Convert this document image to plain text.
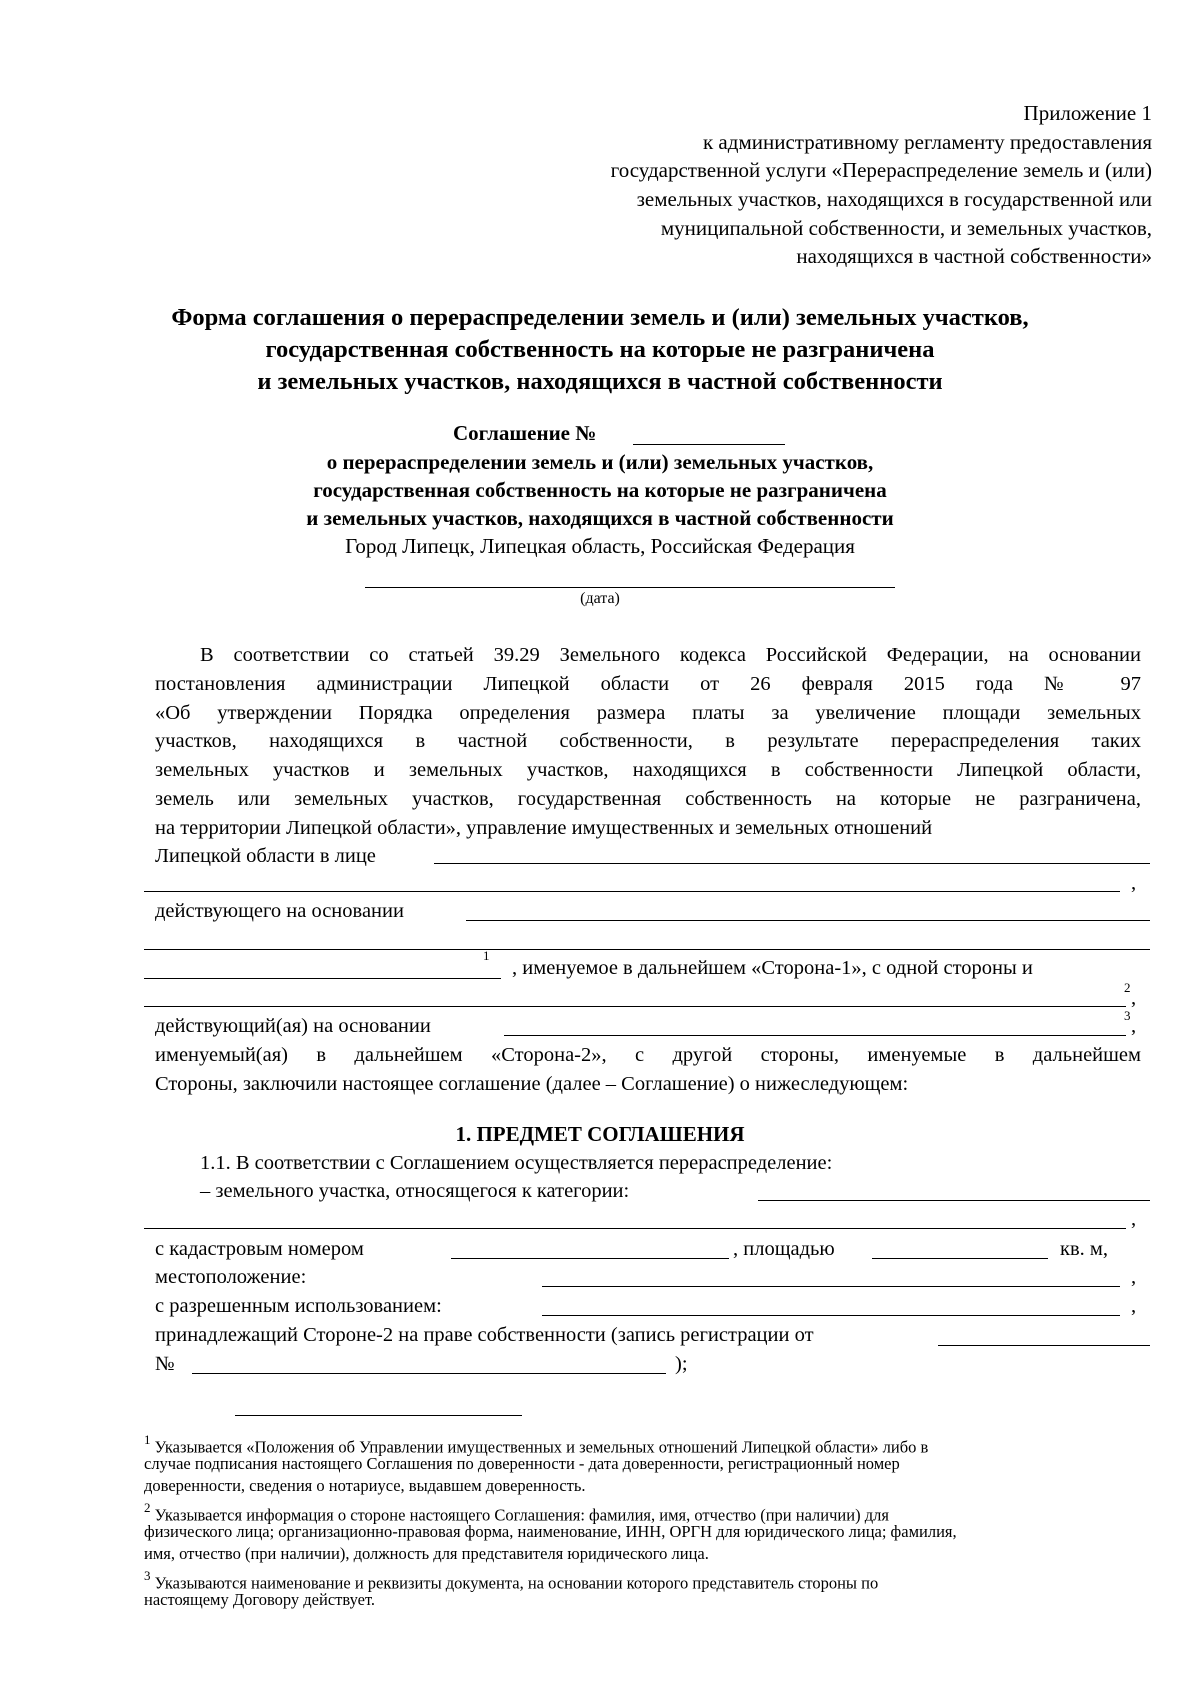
Приложение 1
к административному регламенту предоставления
государственной услуги «Перераспределение земель и (или)
земельных участков, находящихся в государственной или
муниципальной собственности, и земельных участков,
находящихся в частной собственности»
Форма соглашения о перераспределении земель и (или) земельных участков,
государственная собственность на которые не разграничена
и земельных участков, находящихся в частной собственности
Соглашение №
о перераспределении земель и (или) земельных участков,
государственная собственность на которые не разграничена
и земельных участков, находящихся в частной собственности
Город Липецк, Липецкая область, Российская Федерация
(дата)
В соответствии со статьей 39.29 Земельного кодекса Российской Федерации, на основании
постановления администрации Липецкой области от 26 февраля 2015 года № 97
«Об утверждении Порядка определения размера платы за увеличение площади земельных
участков, находящихся в частной собственности, в результате перераспределения таких
земельных участков и земельных участков, находящихся в собственности Липецкой области,
земель или земельных участков, государственная собственность на которые не разграничена,
на территории Липецкой области», управление имущественных и земельных отношений
Липецкой области в лице
,
действующего на основании
1
, именуемое в дальнейшем «Сторона-1», с одной стороны и
2 ,
действующий(ая) на основании	3 ,
именуемый(ая) в дальнейшем «Сторона-2», с другой стороны, именуемые в дальнейшем
Стороны, заключили настоящее соглашение (далее – Соглашение) о нижеследующем:
1. ПРЕДМЕТ СОГЛАШЕНИЯ
1.1. В соответствии с Соглашением осуществляется перераспределение:
– земельного участка, относящегося к категории:
,
с кадастровым номером	, площадью	кв. м,
местоположение:	,
с разрешенным использованием:	,
принадлежащий Стороне-2 на праве собственности (запись регистрации от
№	);
$^1$ Указывается «Положения об Управлении имущественных и земельных отношений Липецкой области» либо в
случае подписания настоящего Соглашения по доверенности - дата доверенности, регистрационный номер
доверенности, сведения о нотариусе, выдавшем доверенность.
$^2$ Указывается информация о стороне настоящего Соглашения: фамилия, имя, отчество (при наличии) для
физического лица; организационно-правовая форма, наименование, ИНН, ОРГН для юридического лица; фамилия,
имя, отчество (при наличии), должность для представителя юридического лица.
$^3$ Указываются наименование и реквизиты документа, на основании которого представитель стороны по
настоящему Договору действует.
